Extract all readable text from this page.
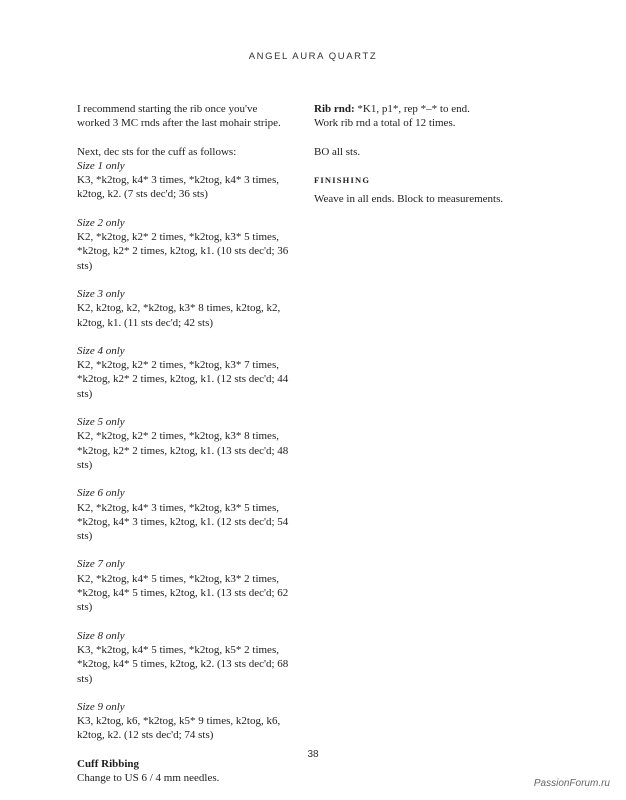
ANGEL AURA QUARTZ

I recommend starting the rib once you've
worked 3 MC rnds after the last mohair stripe.

Next, dec sts for the cuff as follows:

Size 1 only

K3, *k2tog, k4* 3 times, *k2tog, k4* 3 times,
k2tog, k2. (7 sts dec'd; 36 sts)

Size 2 only

K2, *k2tog, k2* 2 times, *k2tog, k3* 5 times,
*k2tog, k2* 2 times, k2tog, k1. (10 sts dec'd; 36 sts)

Size 3 only

K2, k2tog, k2, *k2tog, k3* 8 times, k2tog, k2,
k2tog, k1. (11 sts dec'd; 42 sts)

Size 4 only

K2, *k2tog, k2* 2 times, *k2tog, k3* 7 times,
*k2tog, k2* 2 times, k2tog, k1. (12 sts dec'd; 44 sts)

Size 5 only

K2, *k2tog, k2* 2 times, *k2tog, k3* 8 times,
*k2tog, k2* 2 times, k2tog, k1. (13 sts dec'd; 48 sts)

Size 6 only

K2, *k2tog, k4* 3 times, *k2tog, k3* 5 times,
*k2tog, k4* 3 times, k2tog, k1. (12 sts dec'd; 54 sts)

Size 7 only

K2, *k2tog, k4* 5 times, *k2tog, k3* 2 times,
*k2tog, k4* 5 times, k2tog, k1. (13 sts dec'd; 62 sts)

Size 8 only

K3, *k2tog, k4* 5 times, *k2tog, k5* 2 times,
*k2tog, k4* 5 times, k2tog, k2. (13 sts dec'd; 68 sts)

Size 9 only

K3, k2tog, k6, *k2tog, k5* 9 times, k2tog, k6,
k2tog, k2. (12 sts dec'd; 74 sts)

Cuff Ribbing

Change to US 6 / 4 mm needles.

Rib rnd: *K1, p1*, rep *–* to end.
Work rib rnd a total of 12 times.

BO all sts.

FINISHING

Weave in all ends. Block to measurements.

38
PassionForum.ru
